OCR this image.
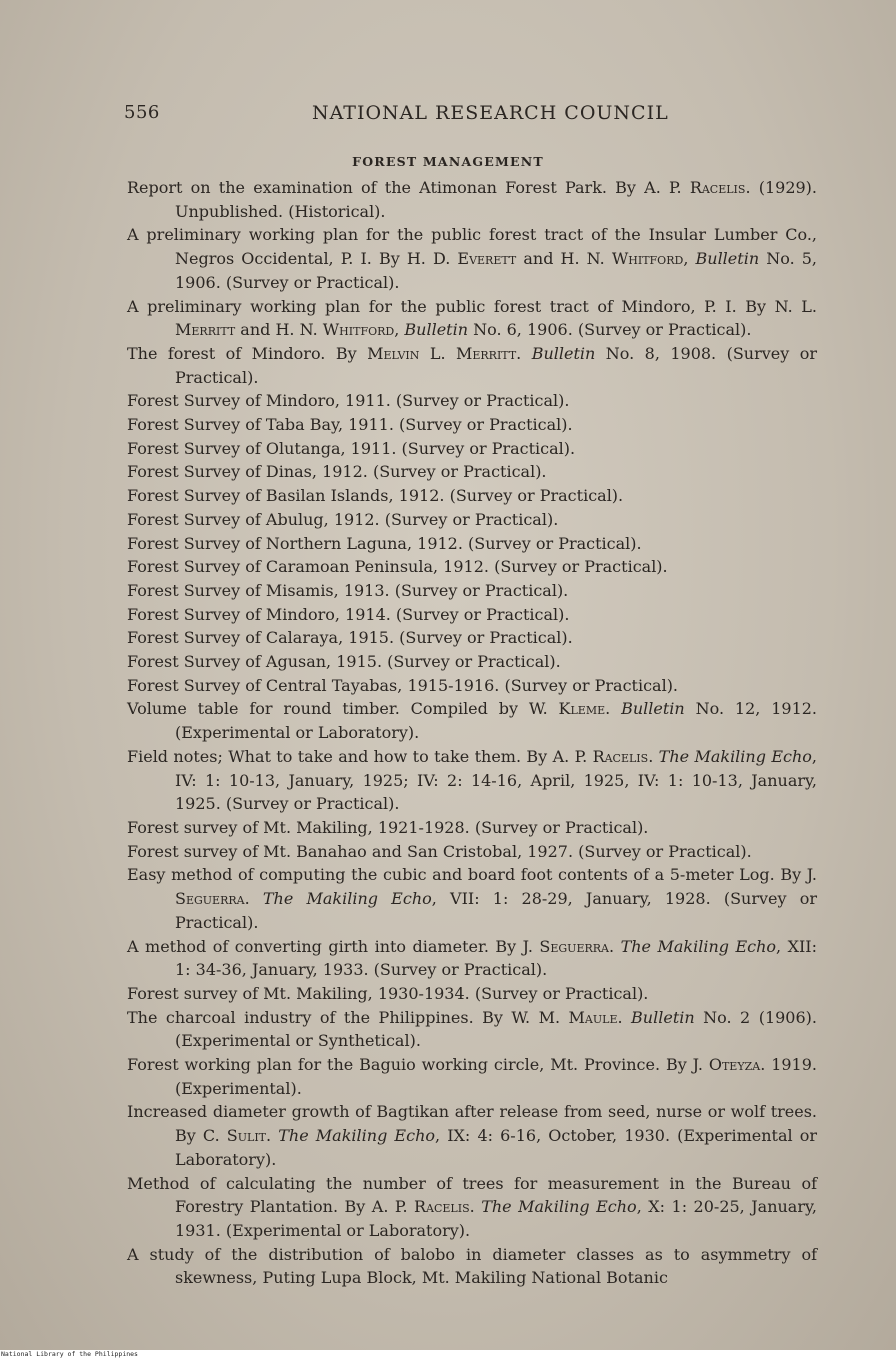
556	NATIONAL RESEARCH COUNCIL
FOREST MANAGEMENT

Report on the examination of the Atimonan Forest Park. By A. P. Racelis. (1929). Unpublished. (Historical).

A preliminary working plan for the public forest tract of the Insular Lumber Co., Negros Occidental, P. I. By H. D. Everett and H. N. Whitford, Bulletin No. 5, 1906. (Survey or Practical).

A preliminary working plan for the public forest tract of Mindoro, P. I. By N. L. Merritt and H. N. Whitford, Bulletin No. 6, 1906. (Survey or Practical).

The forest of Mindoro. By Melvin L. Merritt. Bulletin No. 8, 1908. (Survey or Practical).

Forest Survey of Mindoro, 1911. (Survey or Practical).

Forest Survey of Taba Bay, 1911. (Survey or Practical).

Forest Survey of Olutanga, 1911. (Survey or Practical).

Forest Survey of Dinas, 1912. (Survey or Practical).

Forest Survey of Basilan Islands, 1912. (Survey or Practical).

Forest Survey of Abulug, 1912. (Survey or Practical).

Forest Survey of Northern Laguna, 1912. (Survey or Practical).

Forest Survey of Caramoan Peninsula, 1912. (Survey or Practical).

Forest Survey of Misamis, 1913. (Survey or Practical).

Forest Survey of Mindoro, 1914. (Survey or Practical).

Forest Survey of Calaraya, 1915. (Survey or Practical).

Forest Survey of Agusan, 1915. (Survey or Practical).

Forest Survey of Central Tayabas, 1915-1916. (Survey or Practical).

Volume table for round timber. Compiled by W. Kleme. Bulletin No. 12, 1912. (Experimental or Laboratory).

Field notes; What to take and how to take them. By A. P. Racelis. The Makiling Echo, IV: 1: 10-13, January, 1925; IV: 2: 14-16, April, 1925, IV: 1: 10-13, January, 1925. (Survey or Practical).

Forest survey of Mt. Makiling, 1921-1928. (Survey or Practical).

Forest survey of Mt. Banahao and San Cristobal, 1927. (Survey or Practical).

Easy method of computing the cubic and board foot contents of a 5-meter Log. By J. Seguerra. The Makiling Echo, VII: 1: 28-29, January, 1928. (Survey or Practical).

A method of converting girth into diameter. By J. Seguerra. The Makiling Echo, XII: 1: 34-36, January, 1933. (Survey or Practical).

Forest survey of Mt. Makiling, 1930-1934. (Survey or Practical).

The charcoal industry of the Philippines. By W. M. Maule. Bulletin No. 2 (1906). (Experimental or Synthetical).

Forest working plan for the Baguio working circle, Mt. Province. By J. Oteyza. 1919. (Experimental).

Increased diameter growth of Bagtikan after release from seed, nurse or wolf trees. By C. Sulit. The Makiling Echo, IX: 4: 6-16, October, 1930. (Experimental or Laboratory).

Method of calculating the number of trees for measurement in the Bureau of Forestry Plantation. By A. P. Racelis. The Makiling Echo, X: 1: 20-25, January, 1931. (Experimental or Laboratory).

A study of the distribution of balobo in diameter classes as to asymmetry of skewness, Puting Lupa Block, Mt. Makiling National Botanic

National Library of the Philippines
